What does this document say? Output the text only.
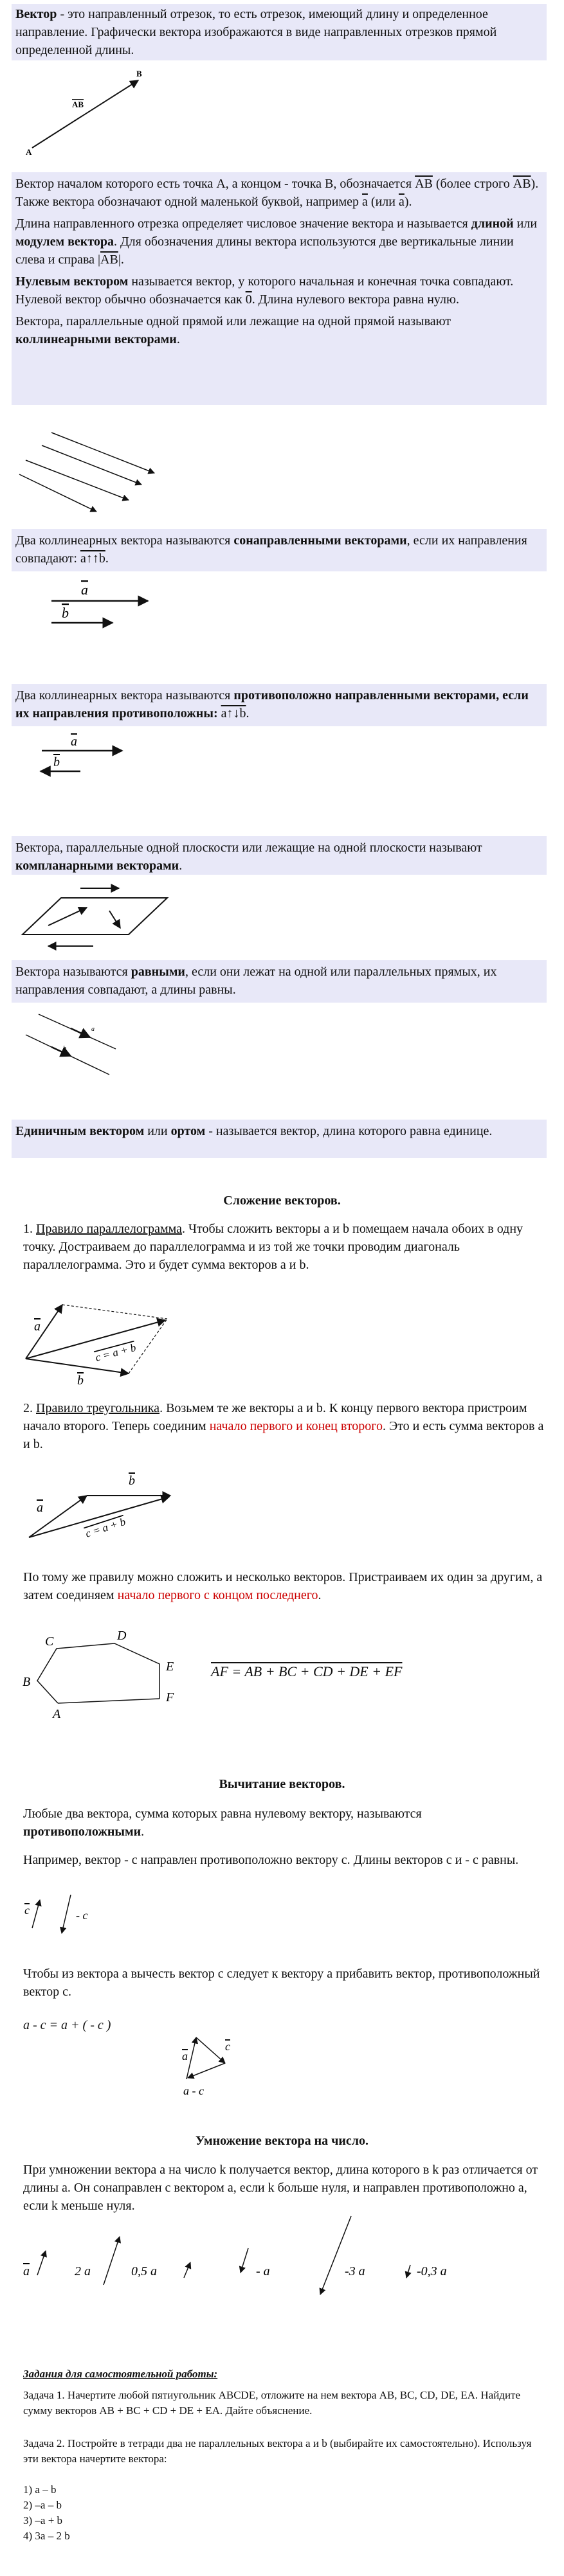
Вектор - это направленный отрезок, то есть отрезок, имеющий длину и определенное направление. Графически вектора изображаются в виде направленных отрезков прямой определенной длины.

A
B
AB

Вектор началом которого есть точка А, а концом - точка В, обозначается $\overline{AB}$ (более строго $\overline{AB}$). Также вектора обозначают одной маленькой буквой, например $\overline{a}$ (или $\overline{a}$).

Длина направленного отрезка определяет числовое значение вектора и называется длиной или модулем вектора. Для обозначения длины вектора используются две вертикальные линии слева и справа $|\overline{AB}|$.

Нулевым вектором называется вектор, у которого начальная и конечная точка совпадают. Нулевой вектор обычно обозначается как 0. Длина нулевого вектора равна нулю.

Вектора, параллельные одной прямой или лежащие на одной прямой называют коллинеарными векторами.

Два коллинеарных вектора называются сонаправленными векторами, если их направления совпадают: a↑↑b.

a
b

Два коллинеарных вектора называются противоположно направленными векторами, если их направления противоположны: a↑↓b.

a
b

Вектора, параллельные одной плоскости или лежащие на одной плоскости называют компланарными векторами.

Вектора называются равными, если они лежат на одной или параллельных прямых, их направления совпадают, а длины равны.

a
b

Единичным вектором или ортом - называется вектор, длина которого равна единице.

Сложение векторов.

1. Правило параллелограмма. Чтобы сложить векторы a и b помещаем начала обоих в одну точку. Достраиваем до параллелограмма и из той же точки проводим диагональ параллелограмма. Это и будет сумма векторов a и b.

a
b
c = a + b

2. Правило треугольника. Возьмем те же векторы a и b. К концу первого вектора пристроим начало второго. Теперь соединим начало первого и конец второго. Это и есть сумма векторов a и b.

a
b
c = a + b

По тому же правилу можно сложить и несколько векторов. Пристраиваем их один за другим, а затем соединяем начало первого с концом последнего.

A
B
C	D
E
F
AF = AB + BC + CD + DE + EF
Вычитание векторов.

Любые два вектора, сумма которых равна нулевому вектору, называются противоположными.

Например, вектор - c направлен противоположно вектору c. Длины векторов c и - c равны.

c	- c

Чтобы из вектора a вычесть вектор c следует к вектору a прибавить вектор, противоположный вектор c.

a - c = a + ( - c )
a
c
a - c
Умножение вектора на число.

При умножении вектора a на число k получается вектор, длина которого в k раз отличается от длины a. Он сонаправлен с вектором a, если k больше нуля, и направлен противоположно a, если k меньше нуля.

a	2 a	0,5 a	- a	-3 a	-0,3 a
Задания для самостоятельной работы:

Задача 1. Начертите любой пятиугольник ABCDE, отложите на нем вектора AB, BC, CD, DE, EA. Найдите сумму векторов AB + BC + CD + DE + EA. Дайте объяснение.

Задача 2. Постройте в тетради два не параллельных вектора a и b (выбирайте их самостоятельно). Используя эти вектора начертите вектора:

1) a – b
2) –a – b
3) –a + b
4) 3a – 2 b
